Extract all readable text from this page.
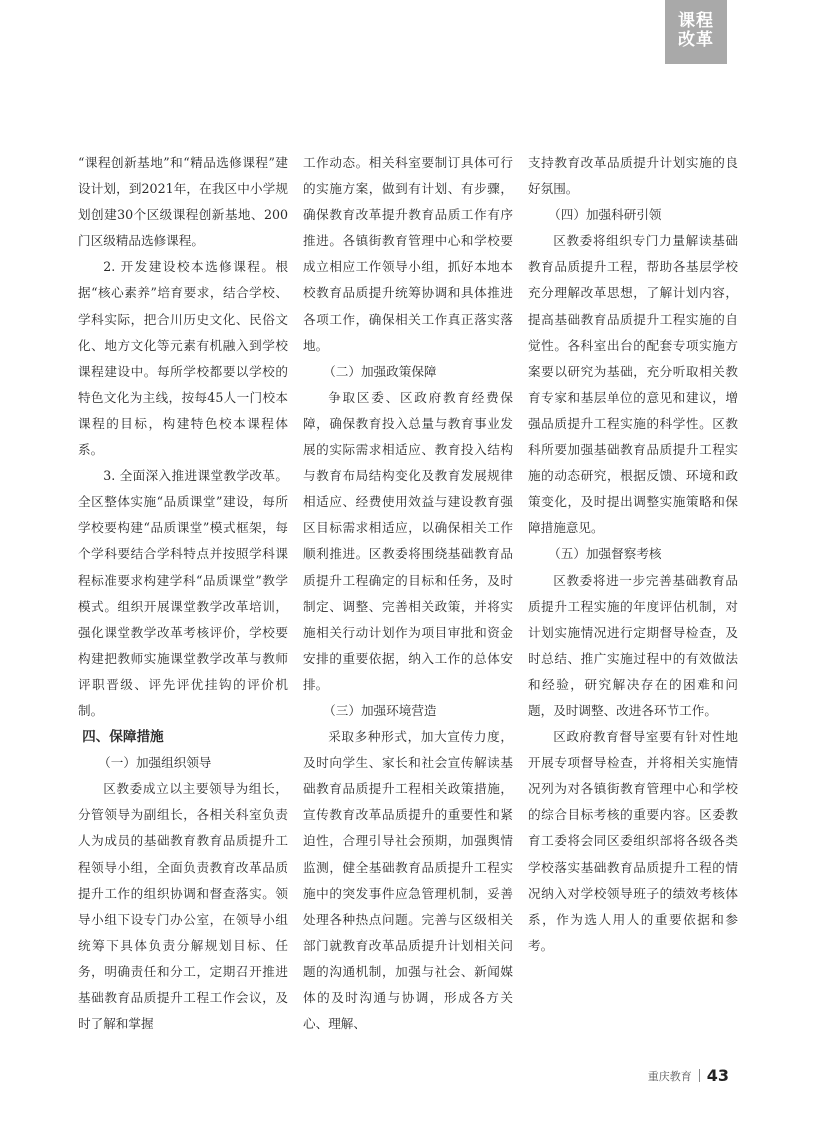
课程
改革

“课程创新基地”和“精品选修课程”建设计划，到2021年，在我区中小学规划创建30个区级课程创新基地、200门区级精品选修课程。

2. 开发建设校本选修课程。根据“核心素养”培育要求，结合学校、学科实际，把合川历史文化、民俗文化、地方文化等元素有机融入到学校课程建设中。每所学校都要以学校的特色文化为主线，按每45人一门校本课程的目标，构建特色校本课程体系。

3. 全面深入推进课堂教学改革。全区整体实施“品质课堂”建设，每所学校要构建“品质课堂”模式框架，每个学科要结合学科特点并按照学科课程标准要求构建学科“品质课堂”教学模式。组织开展课堂教学改革培训，强化课堂教学改革考核评价，学校要构建把教师实施课堂教学改革与教师评职晋级、评先评优挂钩的评价机制。

四、保障措施

（一）加强组织领导

区教委成立以主要领导为组长，分管领导为副组长，各相关科室负责人为成员的基础教育教育品质提升工程领导小组，全面负责教育改革品质提升工作的组织协调和督查落实。领导小组下设专门办公室，在领导小组统筹下具体负责分解规划目标、任务，明确责任和分工，定期召开推进基础教育品质提升工程工作会议，及时了解和掌握

工作动态。相关科室要制订具体可行的实施方案，做到有计划、有步骤，确保教育改革提升教育品质工作有序推进。各镇街教育管理中心和学校要成立相应工作领导小组，抓好本地本校教育品质提升统筹协调和具体推进各项工作，确保相关工作真正落实落地。

（二）加强政策保障

争取区委、区政府教育经费保障，确保教育投入总量与教育事业发展的实际需求相适应、教育投入结构与教育布局结构变化及教育发展规律相适应、经费使用效益与建设教育强区目标需求相适应，以确保相关工作顺利推进。区教委将围绕基础教育品质提升工程确定的目标和任务，及时制定、调整、完善相关政策，并将实施相关行动计划作为项目审批和资金安排的重要依据，纳入工作的总体安排。

（三）加强环境营造

采取多种形式，加大宣传力度，及时向学生、家长和社会宣传解读基础教育品质提升工程相关政策措施，宣传教育改革品质提升的重要性和紧迫性，合理引导社会预期，加强舆情监测，健全基础教育品质提升工程实施中的突发事件应急管理机制，妥善处理各种热点问题。完善与区级相关部门就教育改革品质提升计划相关问题的沟通机制，加强与社会、新闻媒体的及时沟通与协调，形成各方关心、理解、

支持教育改革品质提升计划实施的良好氛围。

（四）加强科研引领

区教委将组织专门力量解读基础教育品质提升工程，帮助各基层学校充分理解改革思想，了解计划内容，提高基础教育品质提升工程实施的自觉性。各科室出台的配套专项实施方案要以研究为基础，充分听取相关教育专家和基层单位的意见和建议，增强品质提升工程实施的科学性。区教科所要加强基础教育品质提升工程实施的动态研究，根据反馈、环境和政策变化，及时提出调整实施策略和保障措施意见。

（五）加强督察考核

区教委将进一步完善基础教育品质提升工程实施的年度评估机制，对计划实施情况进行定期督导检查，及时总结、推广实施过程中的有效做法和经验，研究解决存在的困难和问题，及时调整、改进各环节工作。

区政府教育督导室要有针对性地开展专项督导检查，并将相关实施情况列为对各镇街教育管理中心和学校的综合目标考核的重要内容。区委教育工委将会同区委组织部将各级各类学校落实基础教育品质提升工程的情况纳入对学校领导班子的绩效考核体系，作为选人用人的重要依据和参考。

重庆教育 43
